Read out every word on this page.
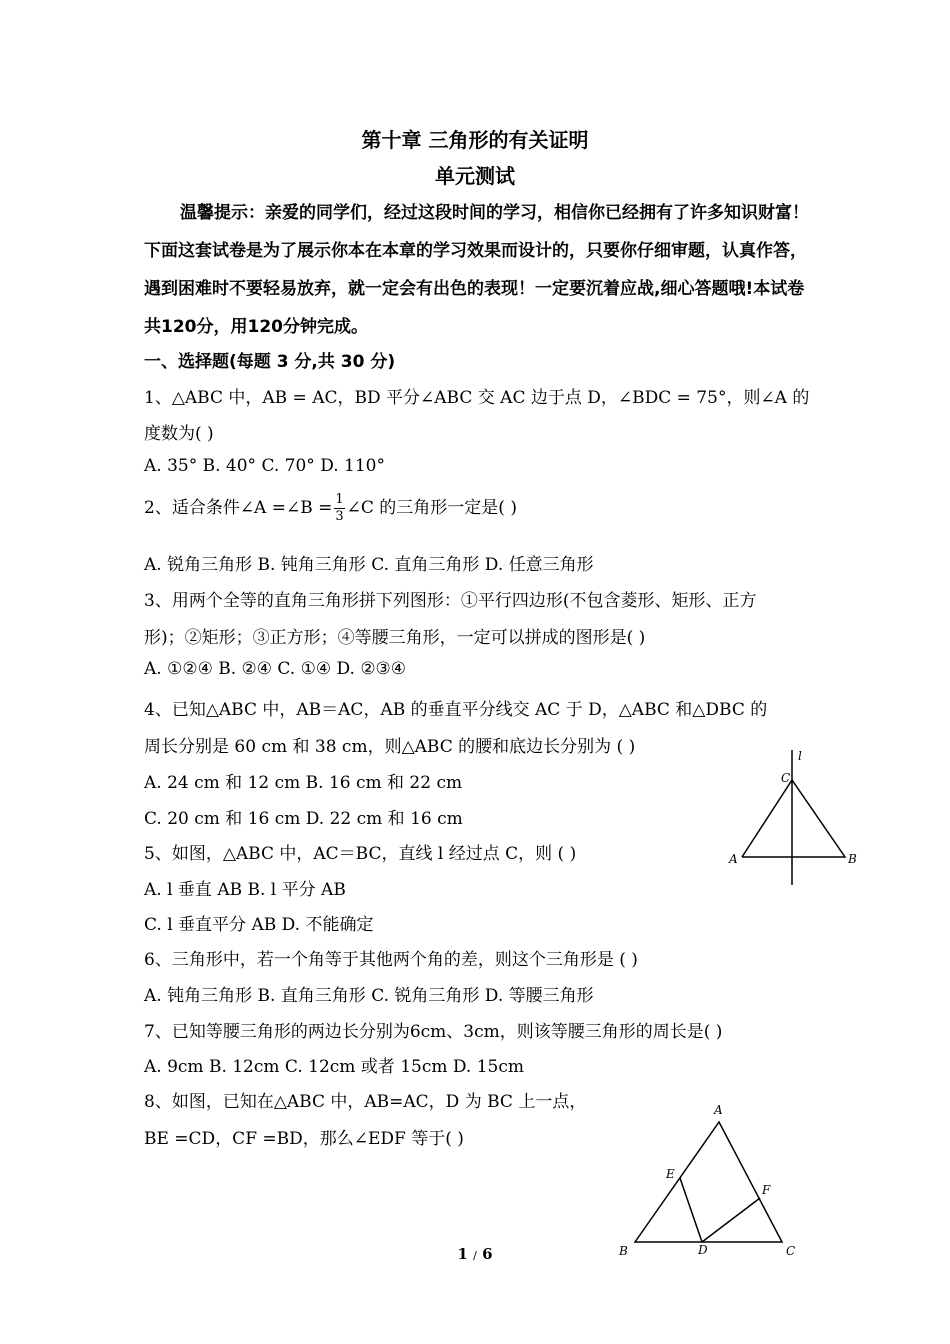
第十章 三角形的有关证明
单元测试
温馨提示：亲爱的同学们，经过这段时间的学习，相信你已经拥有了许多知识财富！下面这套试卷是为了展示你本在本章的学习效果而设计的，只要你仔细审题，认真作答，遇到困难时不要轻易放弃，就一定会有出色的表现！一定要沉着应战,细心答题哦!本试卷共120分，用120分钟完成。
一、选择题(每题 3 分,共 30 分)
1、△ABC 中，AB = AC，BD 平分∠ABC 交 AC 边于点 D，∠BDC = 75°，则∠A 的
度数为( )
A. 35° B. 40° C. 70° D. 110°
2、适合条件∠A =∠B = $\frac{1}{3}$ ∠C 的三角形一定是( )
A. 锐角三角形 B. 钝角三角形 C. 直角三角形 D. 任意三角形
3、用两个全等的直角三角形拼下列图形：①平行四边形(不包含菱形、矩形、正方
形)；②矩形；③正方形；④等腰三角形，一定可以拼成的图形是( )
A. ①②④ B. ②④ C. ①④ D. ②③④
4、已知△ABC 中，AB＝AC，AB 的垂直平分线交 AC 于 D，△ABC 和△DBC 的
周长分别是 60 cm 和 38 cm，则△ABC 的腰和底边长分别为 ( )
A. 24 cm 和 12 cm B. 16 cm 和 22 cm
C. 20 cm 和 16 cm D. 22 cm 和 16 cm
5、如图，△ABC 中，AC＝BC，直线 l 经过点 C，则 ( )
A. l 垂直 AB B. l 平分 AB
C. l 垂直平分 AB D. 不能确定
6、三角形中，若一个角等于其他两个角的差，则这个三角形是 ( )
A. 钝角三角形 B. 直角三角形 C. 锐角三角形 D. 等腰三角形
7、已知等腰三角形的两边长分别为6cm、3cm，则该等腰三角形的周长是( )
A. 9cm B. 12cm C. 12cm 或者 15cm D. 15cm
8、如图，已知在△ABC 中，AB=AC，D 为 BC 上一点，
BE =CD，CF =BD，那么∠EDF 等于( )
l
C
A	B
A
E
F
B	D	C
1 / 6
